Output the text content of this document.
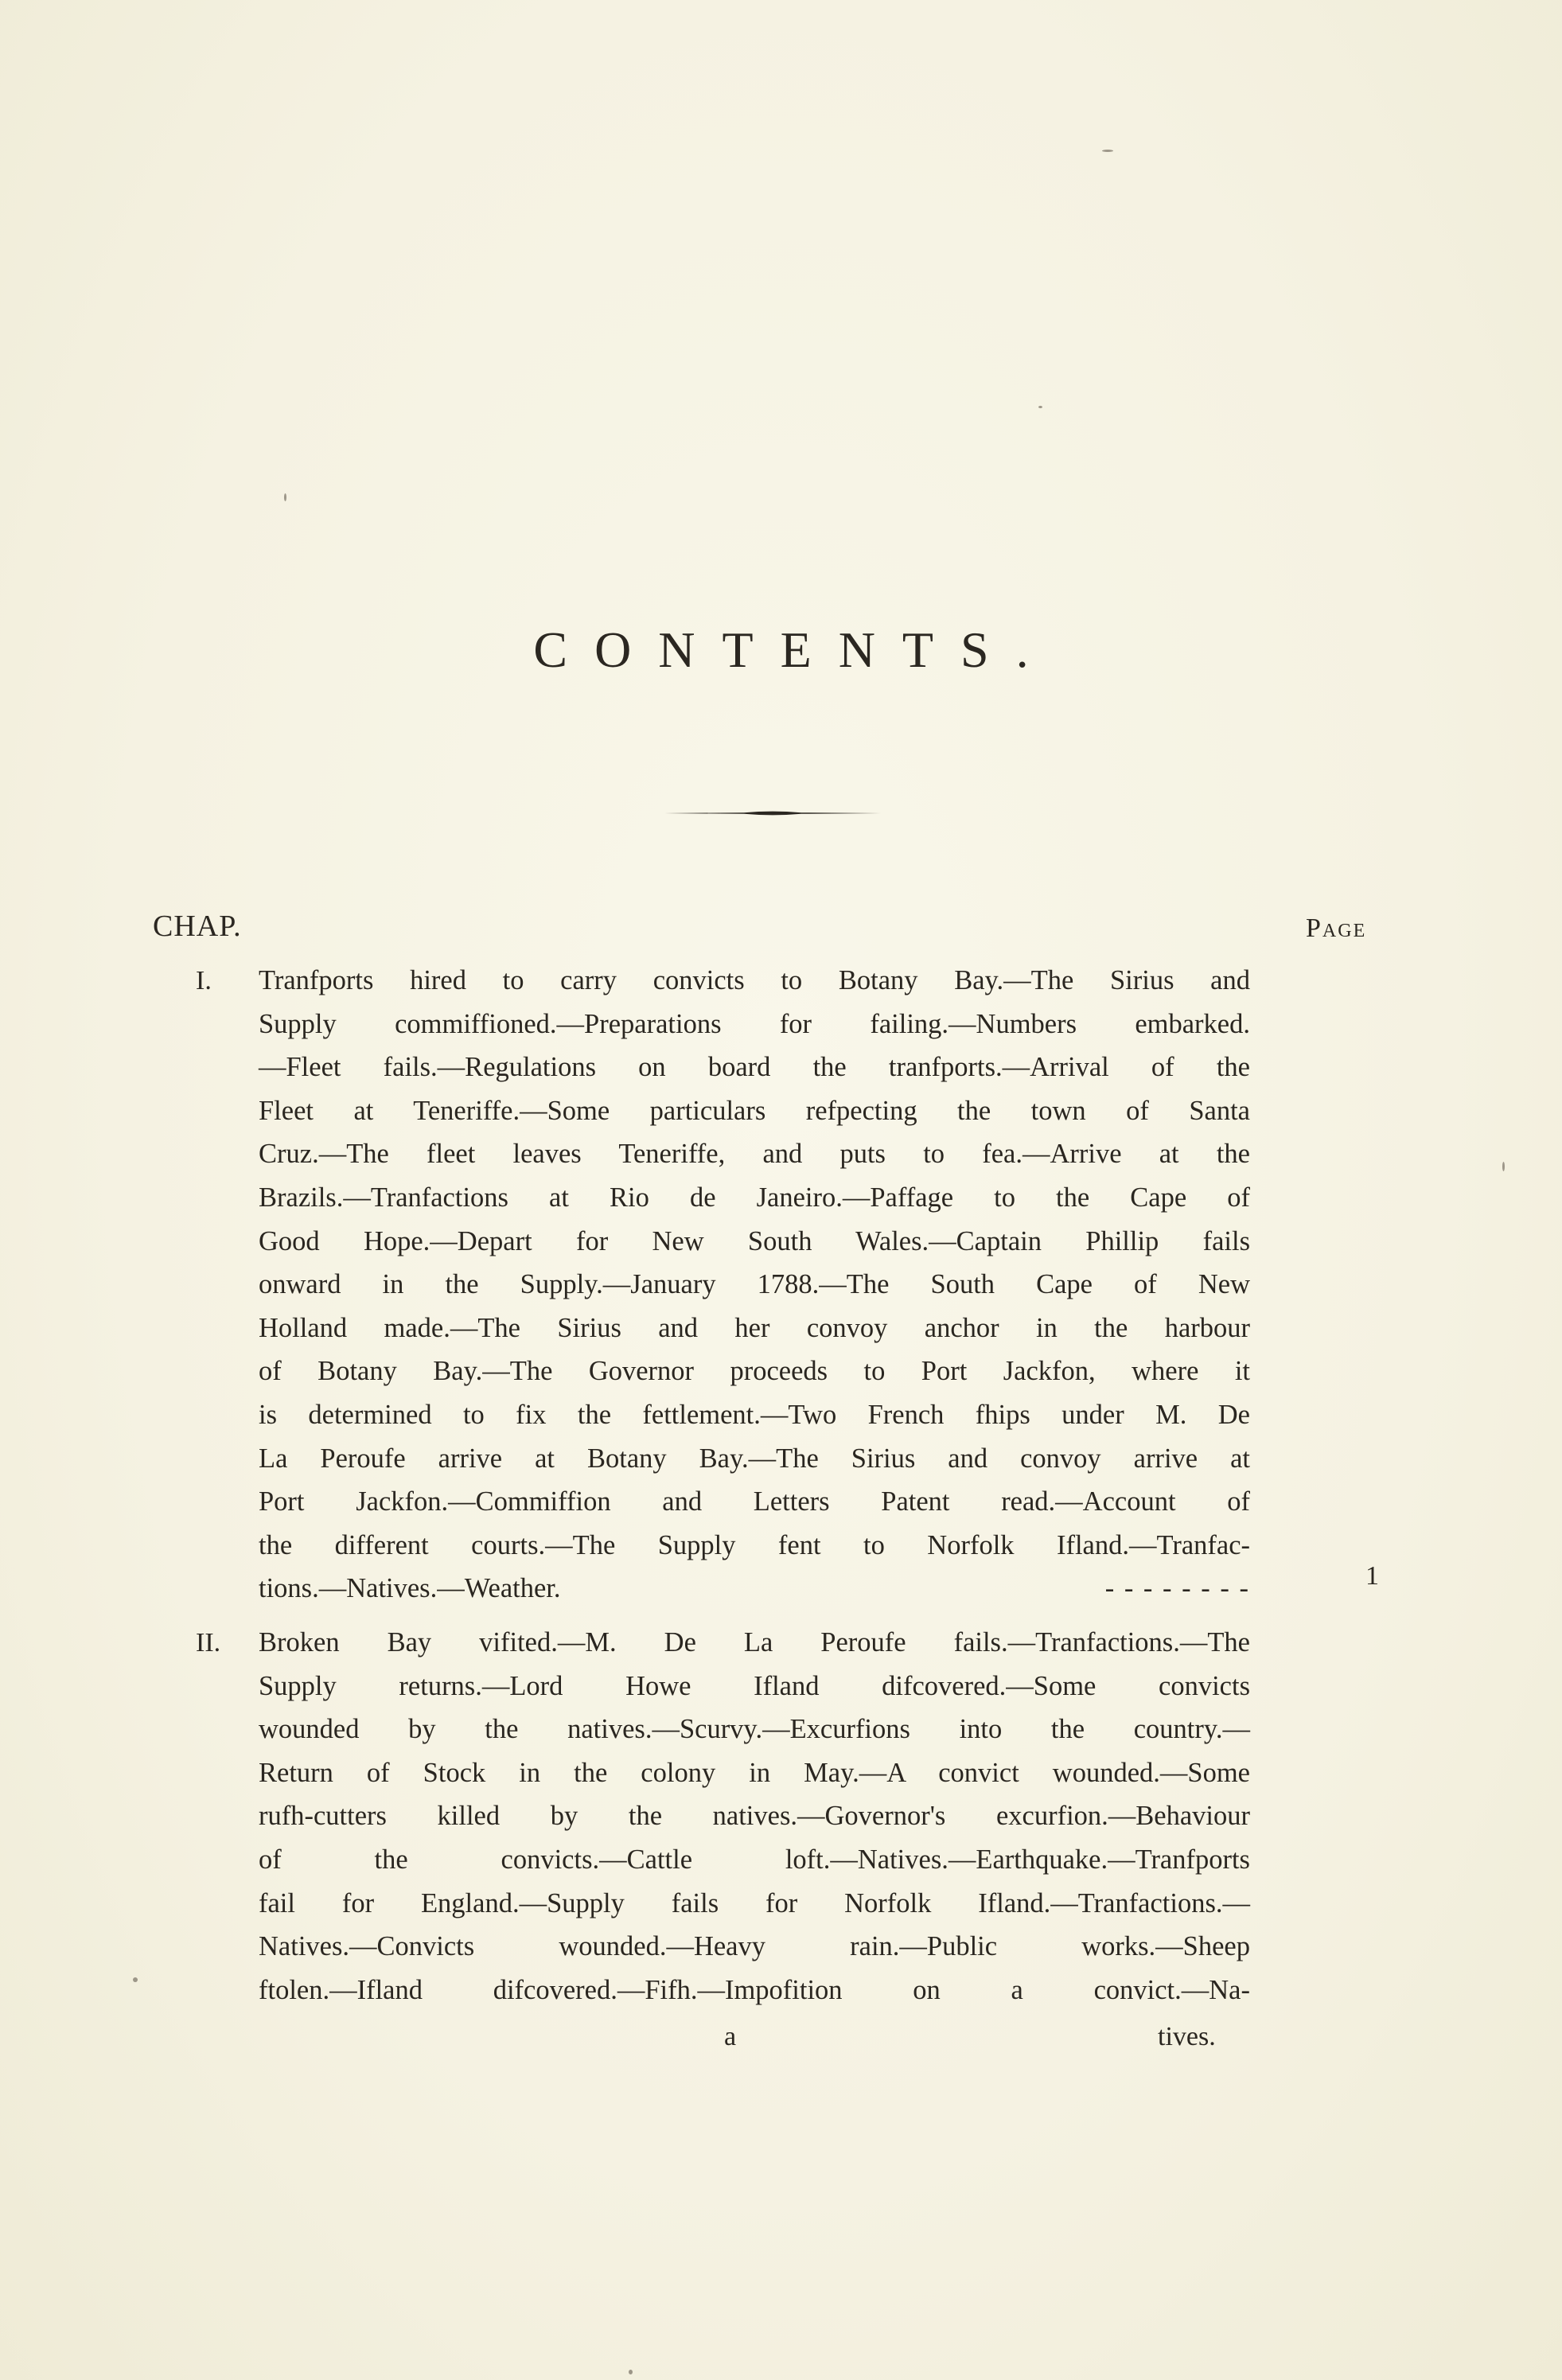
CONTENTS.
CHAP.	Page
I. Tranfports hired to carry convicts to Botany Bay.—The Sirius and
Supply commiffioned.—Preparations for failing.—Numbers embarked.
—Fleet fails.—Regulations on board the tranfports.—Arrival of the
Fleet at Teneriffe.—Some particulars refpecting the town of Santa
Cruz.—The fleet leaves Teneriffe, and puts to fea.—Arrive at the
Brazils.—Tranfactions at Rio de Janeiro.—Paffage to the Cape of
Good Hope.—Depart for New South Wales.—Captain Phillip fails
onward in the Supply.—January 1788.—The South Cape of New
Holland made.—The Sirius and her convoy anchor in the harbour
of Botany Bay.—The Governor proceeds to Port Jackfon, where it
is determined to fix the fettlement.—Two French fhips under M. De
La Peroufe arrive at Botany Bay.—The Sirius and convoy arrive at
Port Jackfon.—Commiffion and Letters Patent read.—Account of
the different courts.—The Supply fent to Norfolk Ifland.—Tranfac-
tions.—Natives.—Weather.	- - - - - - - -	1
II. Broken Bay vifited.—M. De La Peroufe fails.—Tranfactions.—The
Supply returns.—Lord Howe Ifland difcovered.—Some convicts
wounded by the natives.—Scurvy.—Excurfions into the country.—
Return of Stock in the colony in May.—A convict wounded.—Some
rufh-cutters killed by the natives.—Governor's excurfion.—Behaviour
of the convicts.—Cattle loft.—Natives.—Earthquake.—Tranfports
fail for England.—Supply fails for Norfolk Ifland.—Tranfactions.—
Natives.—Convicts wounded.—Heavy rain.—Public works.—Sheep
ftolen.—Ifland difcovered.—Fifh.—Impofition on a convict.—Na-
a	tives.
